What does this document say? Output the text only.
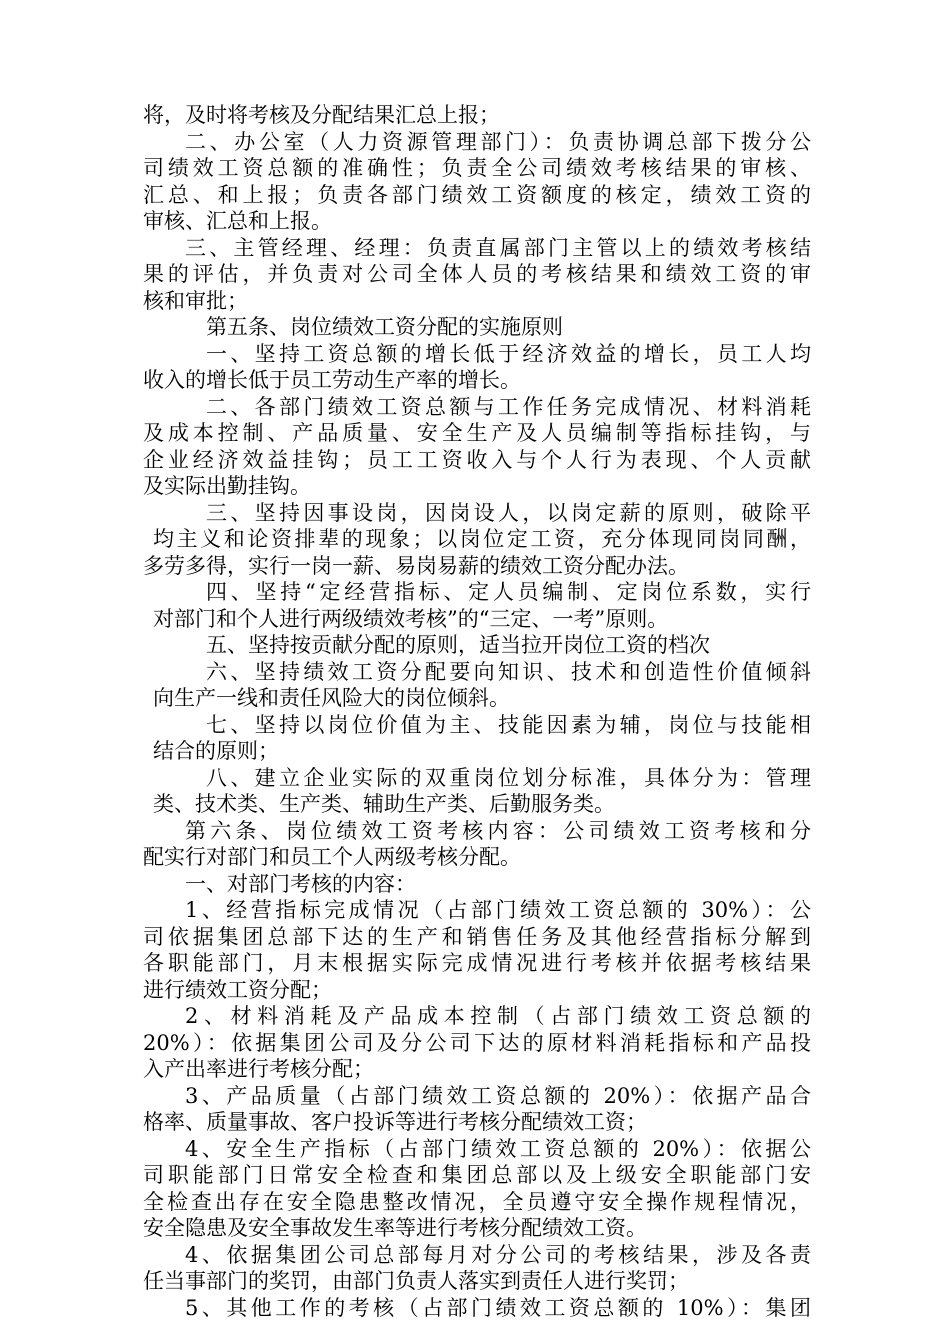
将，及时将考核及分配结果汇总上报；
二、办公室（人力资源管理部门）：负责协调总部下拨分公
司绩效工资总额的准确性；负责全公司绩效考核结果的审核、
汇总、和上报；负责各部门绩效工资额度的核定，绩效工资的
审核、汇总和上报。
三、主管经理、经理：负责直属部门主管以上的绩效考核结
果的评估，并负责对公司全体人员的考核结果和绩效工资的审
核和审批；
第五条、岗位绩效工资分配的实施原则
一、坚持工资总额的增长低于经济效益的增长，员工人均
收入的增长低于员工劳动生产率的增长。
二、各部门绩效工资总额与工作任务完成情况、材料消耗
及成本控制、产品质量、安全生产及人员编制等指标挂钩，与
企业经济效益挂钩；员工工资收入与个人行为表现、个人贡献
及实际出勤挂钩。
三、坚持因事设岗，因岗设人，以岗定薪的原则，破除平
均主义和论资排辈的现象；以岗位定工资，充分体现同岗同酬，
多劳多得，实行一岗一薪、易岗易薪的绩效工资分配办法。
四、坚持“定经营指标、定人员编制、定岗位系数，实行
对部门和个人进行两级绩效考核”的“三定、一考”原则。
五、坚持按贡献分配的原则，适当拉开岗位工资的档次
六、坚持绩效工资分配要向知识、技术和创造性价值倾斜
向生产一线和责任风险大的岗位倾斜。
七、坚持以岗位价值为主、技能因素为辅，岗位与技能相
结合的原则；
八、建立企业实际的双重岗位划分标准，具体分为：管理
类、技术类、生产类、辅助生产类、后勤服务类。
第六条、岗位绩效工资考核内容：公司绩效工资考核和分
配实行对部门和员工个人两级考核分配。
一、对部门考核的内容：
1、经营指标完成情况（占部门绩效工资总额的 30%）：公
司依据集团总部下达的生产和销售任务及其他经营指标分解到
各职能部门，月末根据实际完成情况进行考核并依据考核结果
进行绩效工资分配；
2、材料消耗及产品成本控制（占部门绩效工资总额的
20%）：依据集团公司及分公司下达的原材料消耗指标和产品投
入产出率进行考核分配；
3、产品质量（占部门绩效工资总额的 20%）：依据产品合
格率、质量事故、客户投诉等进行考核分配绩效工资；
4、安全生产指标（占部门绩效工资总额的 20%）：依据公
司职能部门日常安全检查和集团总部以及上级安全职能部门安
全检查出存在安全隐患整改情况，全员遵守安全操作规程情况，
安全隐患及安全事故发生率等进行考核分配绩效工资。
4、依据集团公司总部每月对分公司的考核结果，涉及各责
任当事部门的奖罚，由部门负责人落实到责任人进行奖罚；
5、其他工作的考核（占部门绩效工资总额的 10%）：集团
